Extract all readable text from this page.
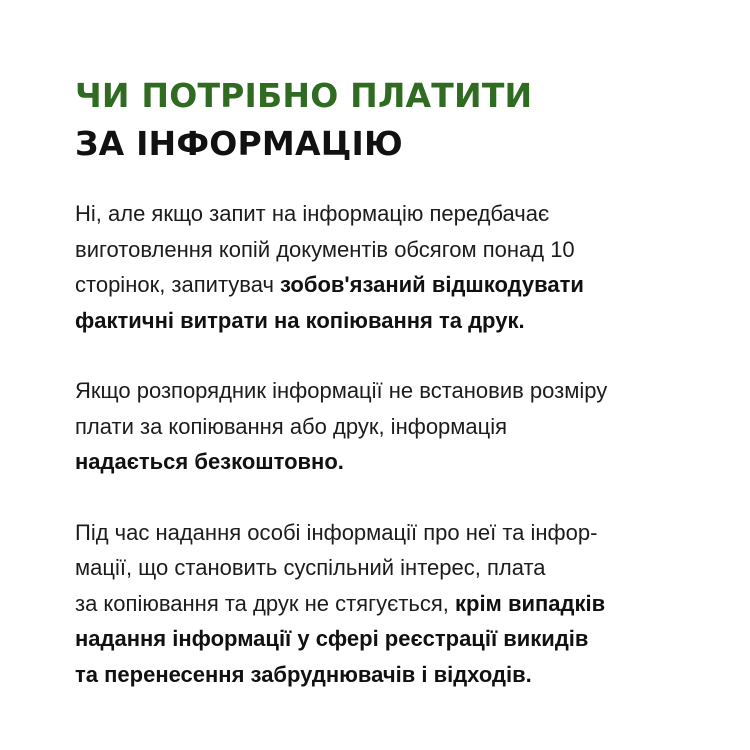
ЧИ ПОТРІБНО ПЛАТИТИ
ЗА ІНФОРМАЦІЮ

Ні, але якщо запит на інформацію передбачає
виготовлення копій документів обсягом понад 10
сторінок, запитувач зобов'язаний відшкодувати
фактичні витрати на копіювання та друк.

Якщо розпорядник інформації не встановив розміру
плати за копіювання або друк, інформація
надається безкоштовно.

Під час надання особі інформації про неї та інфор-
мації, що становить суспільний інтерес, плата
за копіювання та друк не стягується, крім випадків
надання інформації у сфері реєстрації викидів
та перенесення забруднювачів і відходів.
